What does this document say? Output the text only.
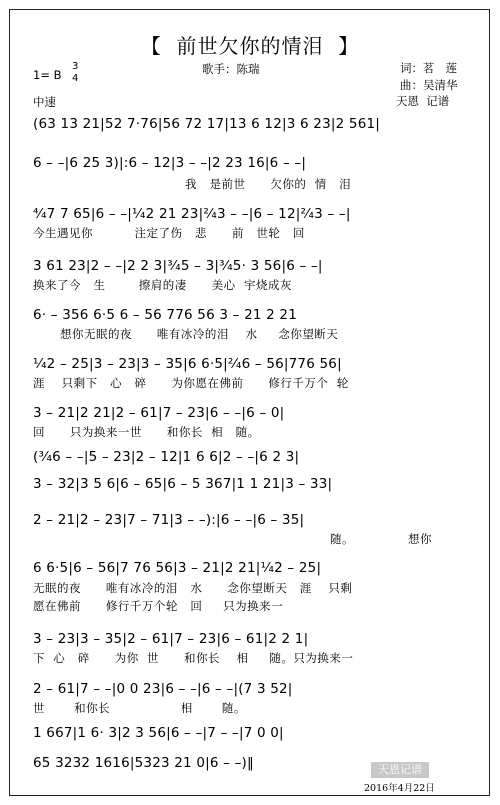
【  前世欠你的情泪  】
1= B
3
4
歌手：陈瑞	词：茗   莲
曲：吴清华
中速	天恩  记谱
(63 13 21|52 7·76|56 72 17|13 6 12|3 6 23|2 561|
6 – –|6 25 3)|:6 – 12|3 – –|2 23 16|6 – –|
我   是前世      欠你的  情   泪
⁴⁄₄7 7 65|6 – –|¹⁄₄2 21 23|²⁄₄3 – –|6 – 12|²⁄₄3 – –|
今生遇见你          注定了伤   悲      前   世轮   回
3 61 23|2 – –|2 2 3|³⁄₄5 – 3|³⁄₄5· 3 56|6 – –|
换来了今   生        擦肩的凄      美心  宇烧成灰
6· – 356 6·5 6 – 56 776 56 3 – 21 2 21
想你无眠的夜      唯有冰冷的泪    水     念你望断天
¹⁄₄2 – 25|3 – 23|3 – 35|6 6·5|²⁄₄6 – 56|776 56|
涯    只剩下   心   碎      为你愿在佛前      修行千万个  轮
3 – 21|2 21|2 – 61|7 – 23|6 – –|6 – 0|
回      只为换来一世      和你长  相   随。
(³⁄₄6 – –|5 – 23|2 – 12|1 6 6|2 – –|6 2 3|
3 – 32|3 5 6|6 – 65|6 – 5 367|1 1 21|3 – 33|
2 – 21|2 – 23|7 – 71|3 – –):|6 – –|6 – 35|
随。             想你
6 6·5|6 – 56|7 76 56|3 – 21|2 21|¹⁄₄2 – 25|
无眠的夜      唯有冰冷的泪   水      念你望断天   涯    只剩
愿在佛前      修行千万个轮   回     只为换来一
3 – 23|3 – 35|2 – 61|7 – 23|6 – 61|2 2 1|
下  心   碎      为你  世      和你长    相     随。只为换来一
2 – 61|7 – –|0 0 23|6 – –|6 – –|(7 3 52|
世       和你长                 相       随。
1 667|1 6· 3|2 3 56|6 – –|7 – –|7 0 0|
65 3232 1616|5323 21 0|6 – –)‖	天恩记谱
2016年4月22日
